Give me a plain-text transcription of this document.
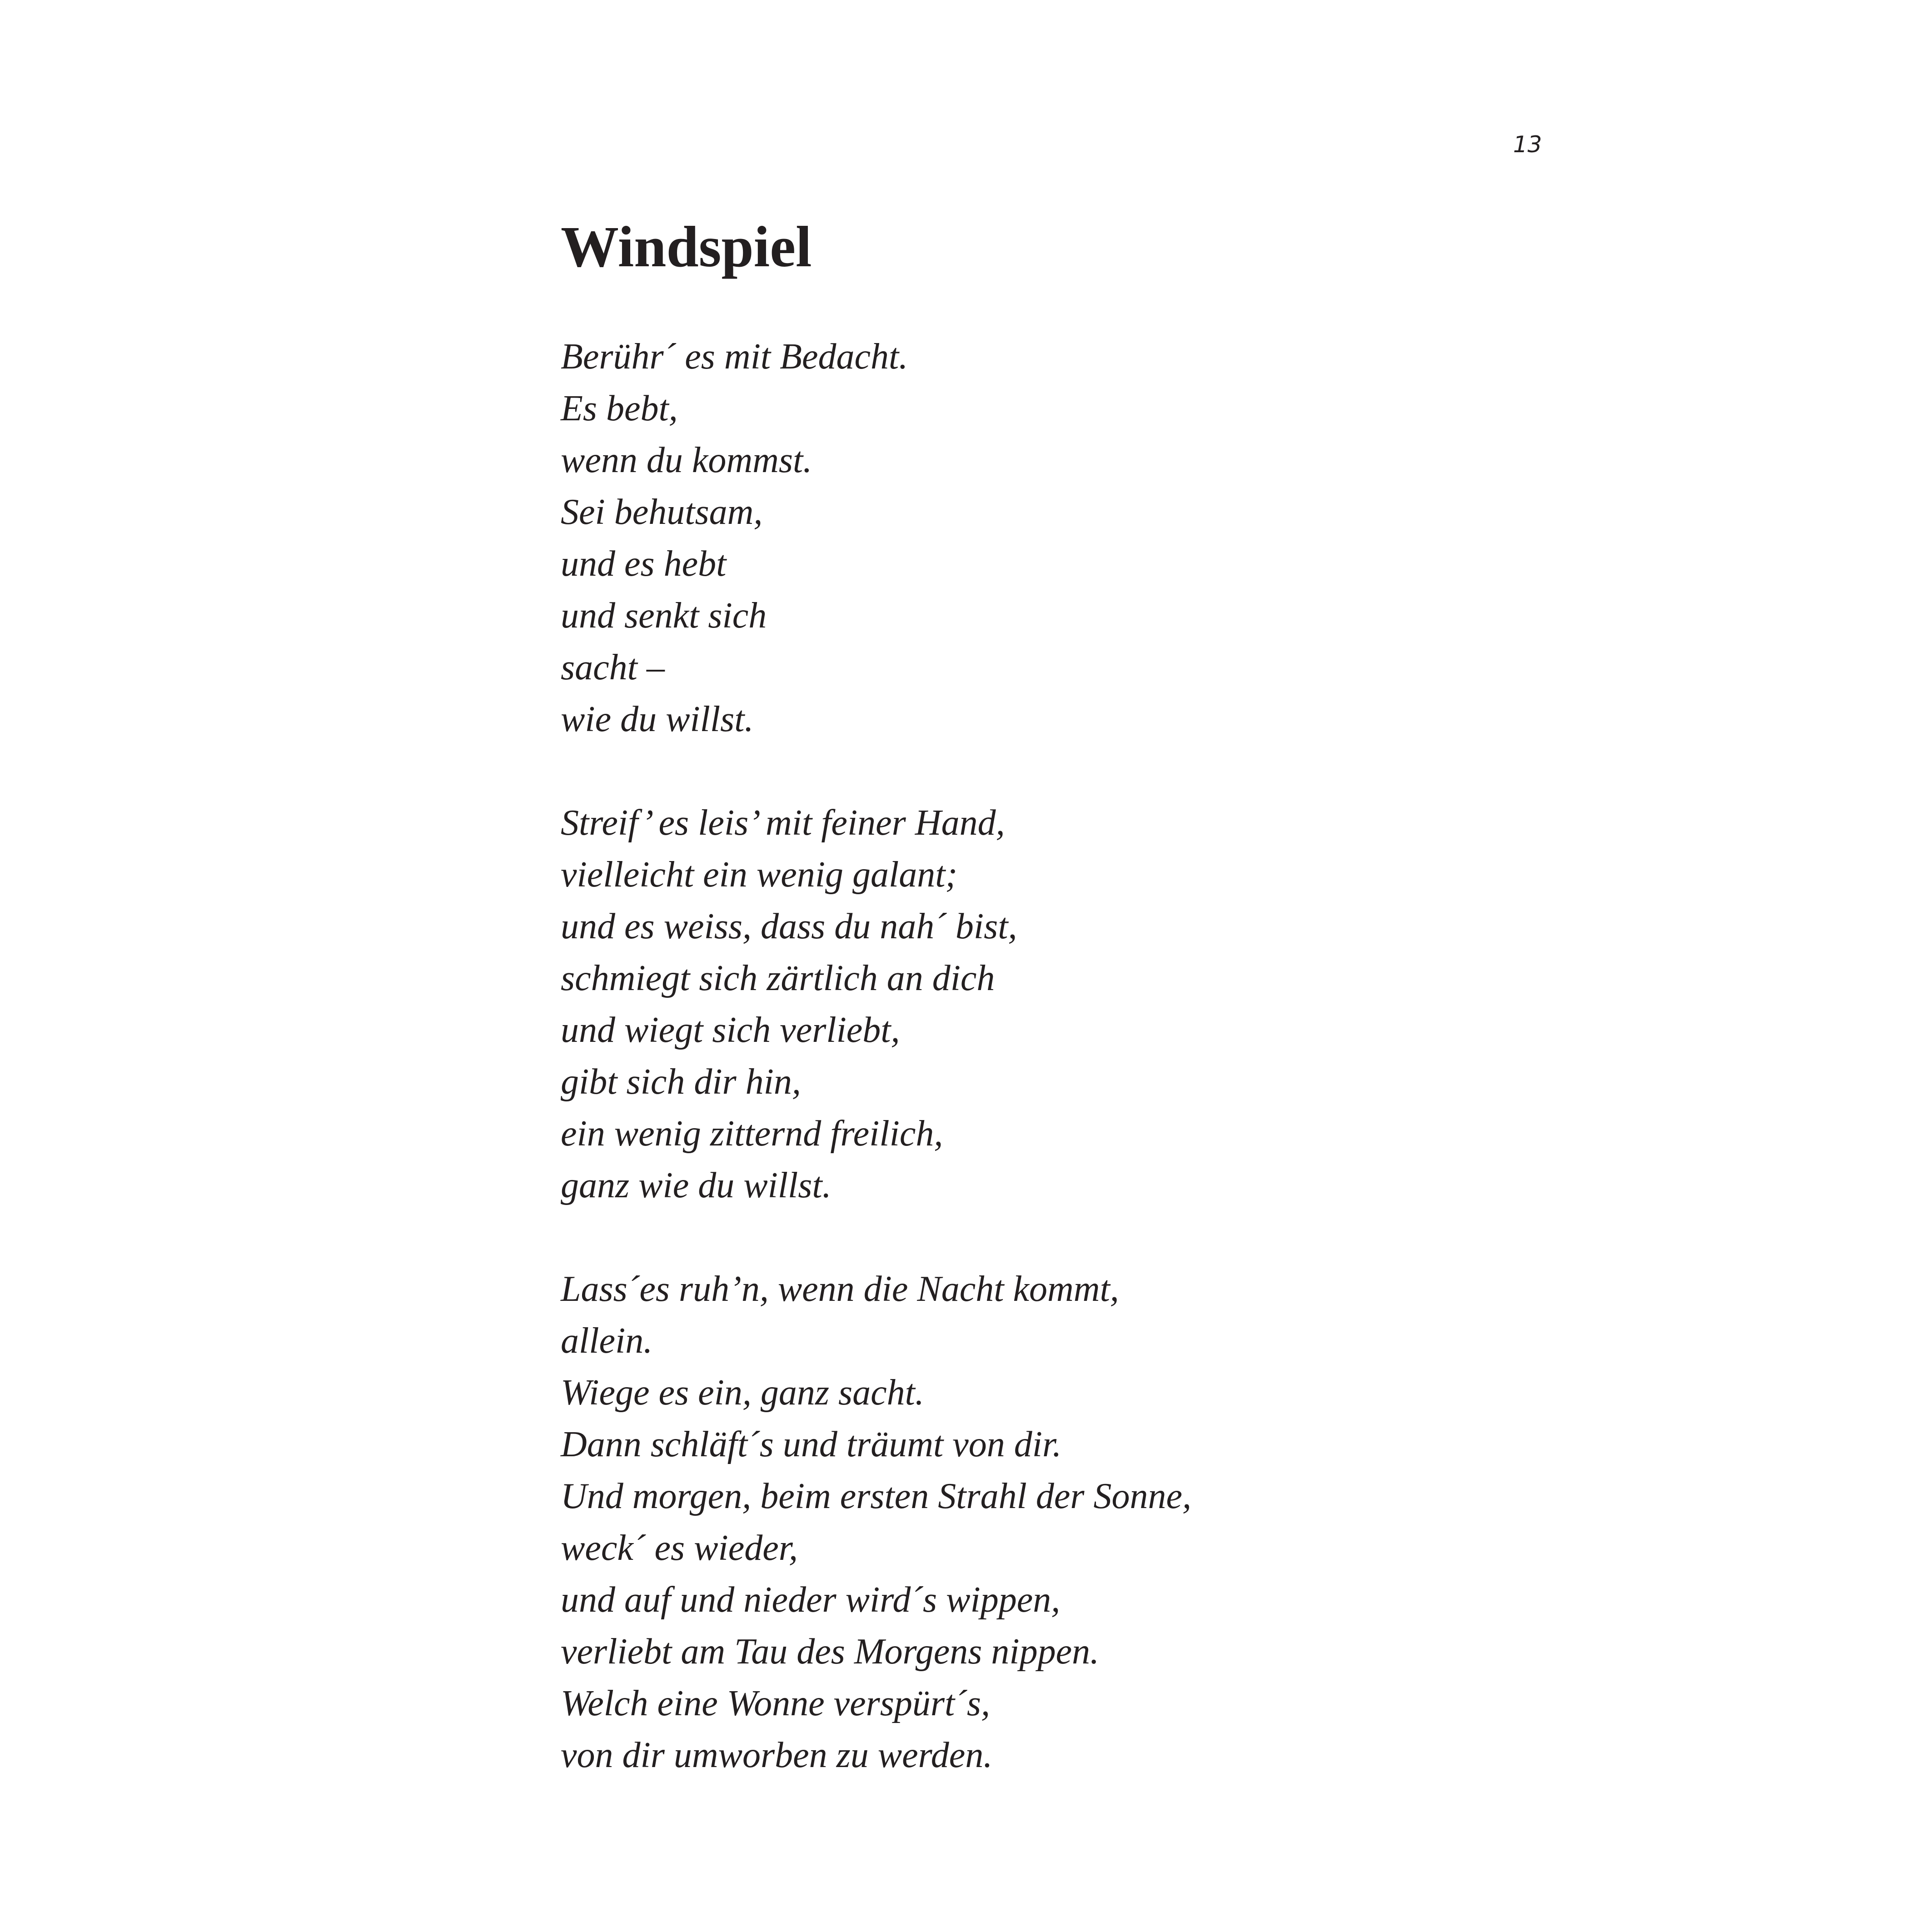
13
Windspiel
Berühr´ es mit Bedacht.
Es bebt,
wenn du kommst.
Sei behutsam,
und es hebt
und senkt sich
sacht –
wie du willst.
Streif’ es leis’ mit feiner Hand,
vielleicht ein wenig galant;
und es weiss, dass du nah´ bist,
schmiegt sich zärtlich an dich
und wiegt sich verliebt,
gibt sich dir hin,
ein wenig zitternd freilich,
ganz wie du willst.
Lass´es ruh’n, wenn die Nacht kommt,
allein.
Wiege es ein, ganz sacht.
Dann schläft´s und träumt von dir.
Und morgen, beim ersten Strahl der Sonne,
weck´ es wieder,
und auf und nieder wird´s wippen,
verliebt am Tau des Morgens nippen.
Welch eine Wonne verspürt´s,
von dir umworben zu werden.
